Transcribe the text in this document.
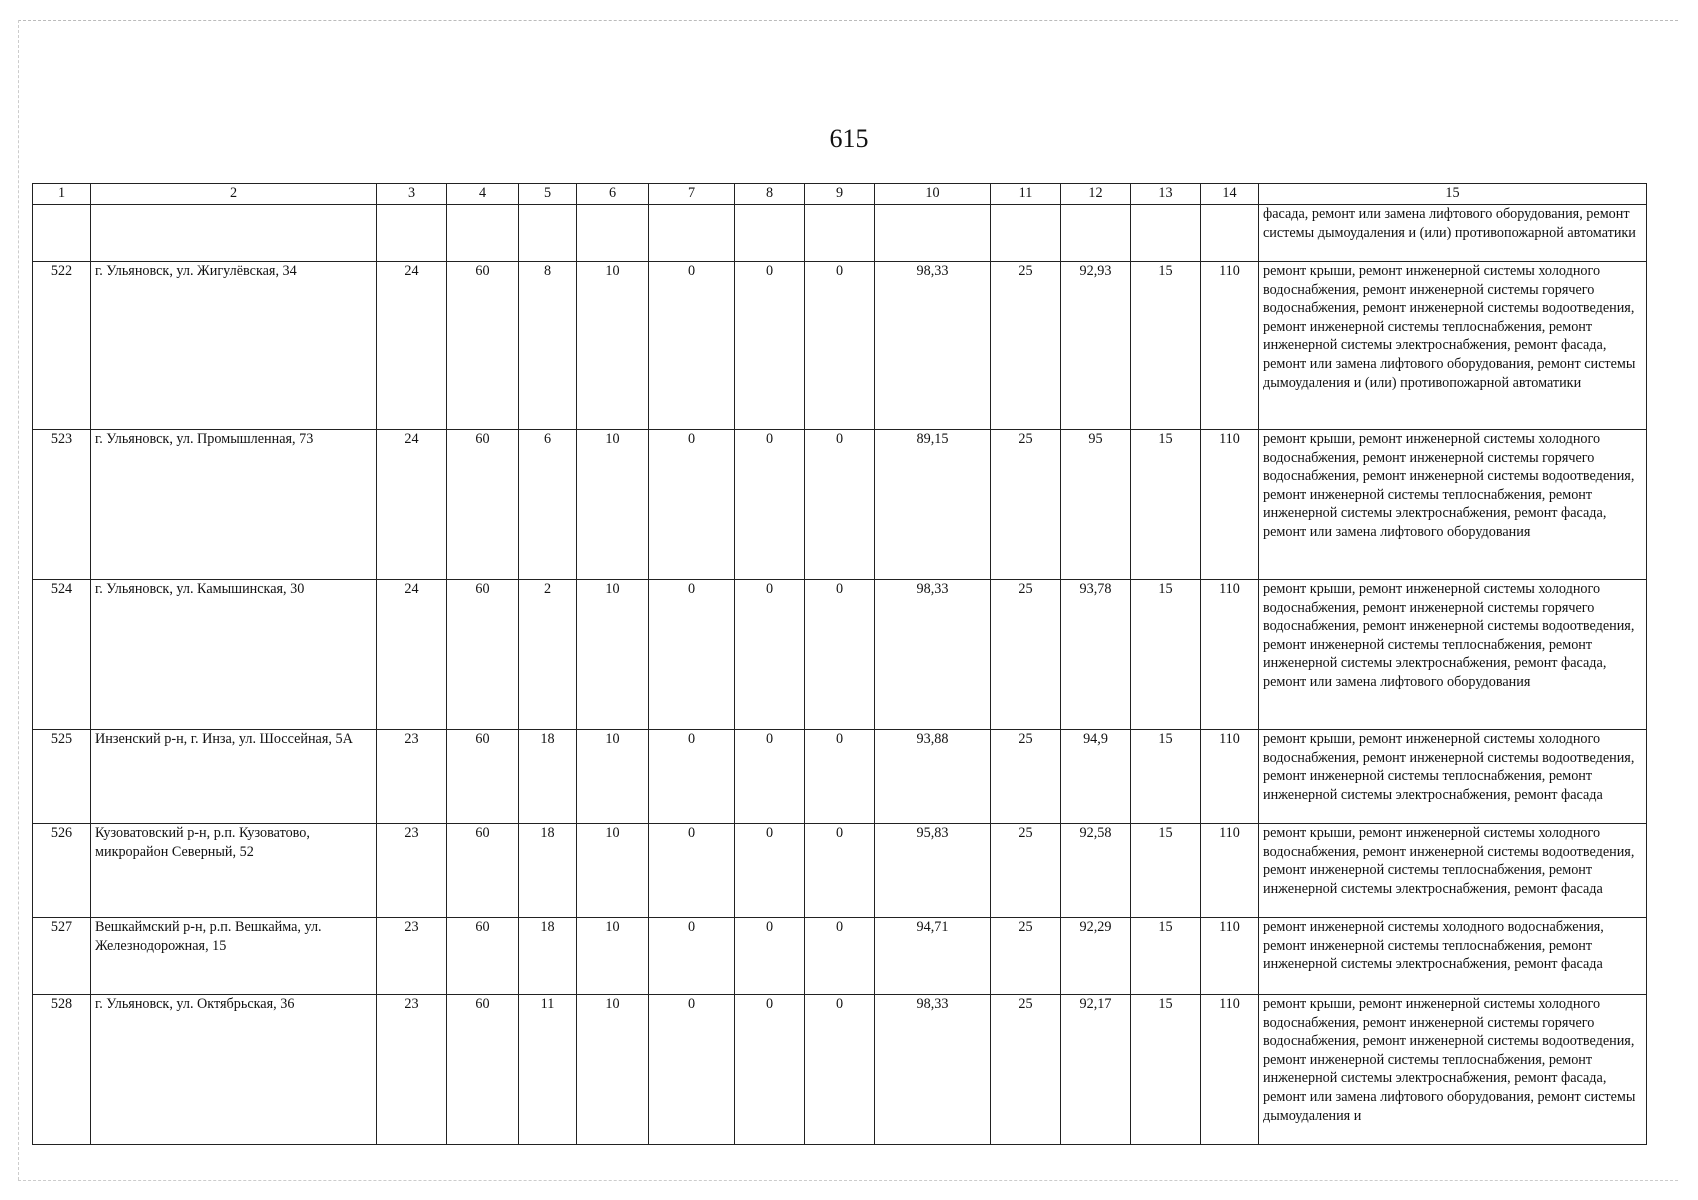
615
1	2	3	4	5	6	7	8	9	10	11	12	13	14	15
														фасада, ремонт или замена лифтового оборудования, ремонт системы дымоудаления и (или) противопожарной автоматики
522	г. Ульяновск, ул. Жигулёвская, 34	24	60	8	10	0	0	0	98,33	25	92,93	15	110	ремонт крыши, ремонт инженерной системы холодного водоснабжения, ремонт инженерной системы горячего водоснабжения, ремонт инженерной системы водоотведения, ремонт инженерной системы теплоснабжения, ремонт инженерной системы электроснабжения, ремонт фасада, ремонт или замена лифтового оборудования, ремонт системы дымоудаления и (или) противопожарной автоматики
523	г. Ульяновск, ул. Промышленная, 73	24	60	6	10	0	0	0	89,15	25	95	15	110	ремонт крыши, ремонт инженерной системы холодного водоснабжения, ремонт инженерной системы горячего водоснабжения, ремонт инженерной системы водоотведения, ремонт инженерной системы теплоснабжения, ремонт инженерной системы электроснабжения, ремонт фасада, ремонт или замена лифтового оборудования
524	г. Ульяновск, ул. Камышинская, 30	24	60	2	10	0	0	0	98,33	25	93,78	15	110	ремонт крыши, ремонт инженерной системы холодного водоснабжения, ремонт инженерной системы горячего водоснабжения, ремонт инженерной системы водоотведения, ремонт инженерной системы теплоснабжения, ремонт инженерной системы электроснабжения, ремонт фасада, ремонт или замена лифтового оборудования
525	Инзенский р-н, г. Инза, ул. Шоссейная, 5А	23	60	18	10	0	0	0	93,88	25	94,9	15	110	ремонт крыши, ремонт инженерной системы холодного водоснабжения, ремонт инженерной системы водоотведения, ремонт инженерной системы теплоснабжения, ремонт инженерной системы электроснабжения, ремонт фасада
526	Кузоватовский р-н, р.п. Кузоватово, микрорайон Северный, 52	23	60	18	10	0	0	0	95,83	25	92,58	15	110	ремонт крыши, ремонт инженерной системы холодного водоснабжения, ремонт инженерной системы водоотведения, ремонт инженерной системы теплоснабжения, ремонт инженерной системы электроснабжения, ремонт фасада
527	Вешкаймский р-н, р.п. Вешкайма, ул. Железнодорожная, 15	23	60	18	10	0	0	0	94,71	25	92,29	15	110	ремонт инженерной системы холодного водоснабжения, ремонт инженерной системы теплоснабжения, ремонт инженерной системы электроснабжения, ремонт фасада
528	г. Ульяновск, ул. Октябрьская, 36	23	60	11	10	0	0	0	98,33	25	92,17	15	110	ремонт крыши, ремонт инженерной системы холодного водоснабжения, ремонт инженерной системы горячего водоснабжения, ремонт инженерной системы водоотведения, ремонт инженерной системы теплоснабжения, ремонт инженерной системы электроснабжения, ремонт фасада, ремонт или замена лифтового оборудования, ремонт системы дымоудаления и
